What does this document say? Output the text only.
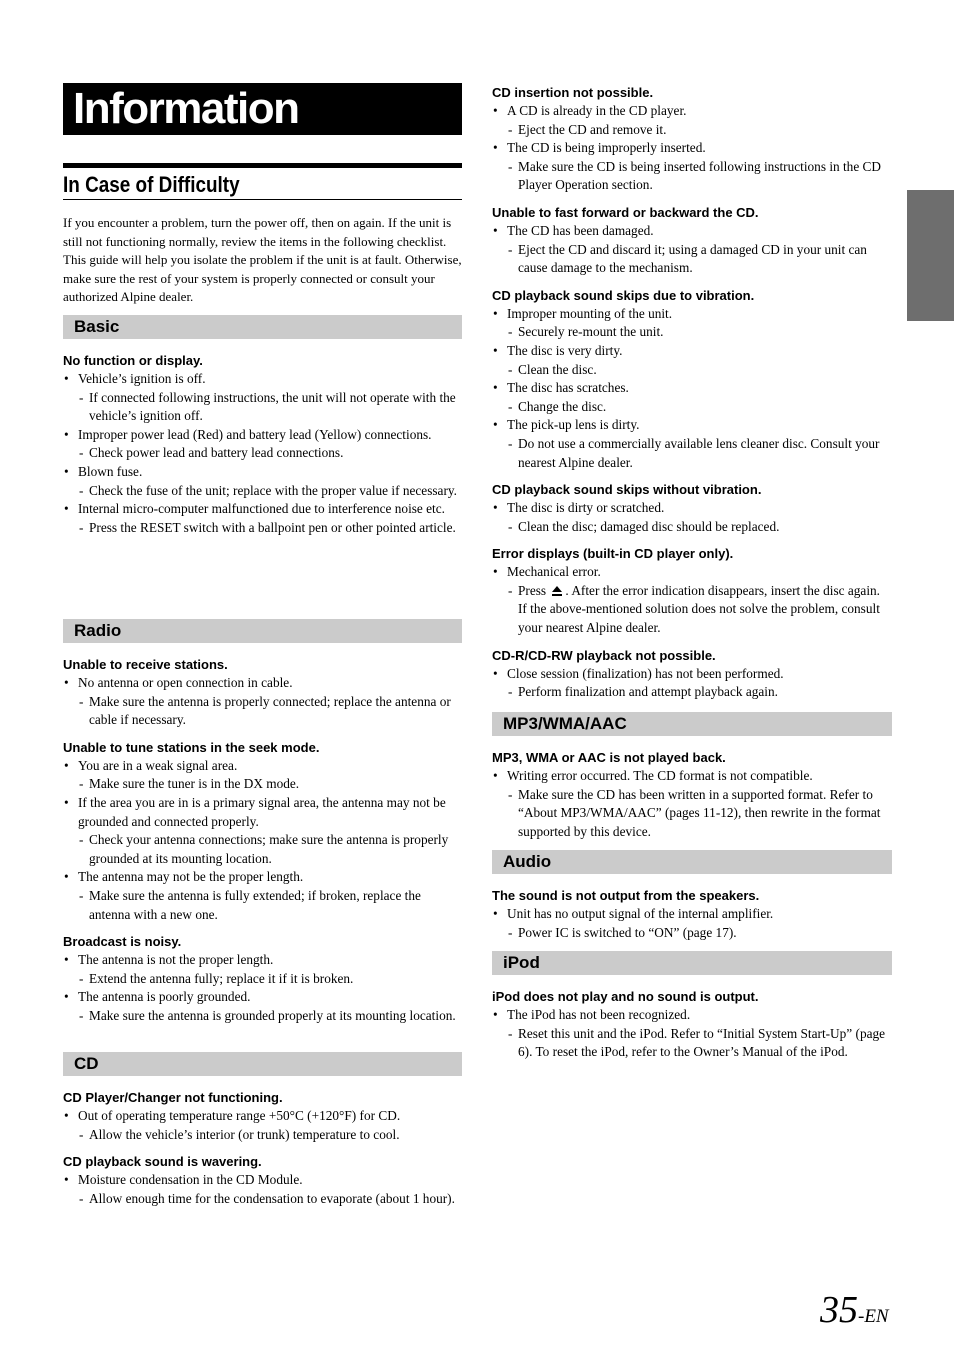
Information
In Case of Difficulty
If you encounter a problem, turn the power off, then on again. If the unit is still not functioning normally, review the items in the following checklist. This guide will help you isolate the problem if the unit is at fault. Otherwise, make sure the rest of your system is properly connected or consult your authorized Alpine dealer.
Basic
No function or display.
• Vehicle’s ignition is off.
- If connected following instructions, the unit will not operate with the vehicle’s ignition off.
• Improper power lead (Red) and battery lead (Yellow) connections.
- Check power lead and battery lead connections.
• Blown fuse.
- Check the fuse of the unit; replace with the proper value if necessary.
• Internal micro-computer malfunctioned due to interference noise etc.
- Press the RESET switch with a ballpoint pen or other pointed article.
Radio
Unable to receive stations.
• No antenna or open connection in cable.
- Make sure the antenna is properly connected; replace the antenna or cable if necessary.
Unable to tune stations in the seek mode.
• You are in a weak signal area.
- Make sure the tuner is in the DX mode.
• If the area you are in is a primary signal area, the antenna may not be grounded and connected properly.
- Check your antenna connections; make sure the antenna is properly grounded at its mounting location.
• The antenna may not be the proper length.
- Make sure the antenna is fully extended; if broken, replace the antenna with a new one.
Broadcast is noisy.
• The antenna is not the proper length.
- Extend the antenna fully; replace it if it is broken.
• The antenna is poorly grounded.
- Make sure the antenna is grounded properly at its mounting location.
CD
CD Player/Changer not functioning.
• Out of operating temperature range +50°C (+120°F) for CD.
- Allow the vehicle’s interior (or trunk) temperature to cool.
CD playback sound is wavering.
• Moisture condensation in the CD Module.
- Allow enough time for the condensation to evaporate (about 1 hour).
CD insertion not possible.
• A CD is already in the CD player.
- Eject the CD and remove it.
• The CD is being improperly inserted.
- Make sure the CD is being inserted following instructions in the CD Player Operation section.
Unable to fast forward or backward the CD.
• The CD has been damaged.
- Eject the CD and discard it; using a damaged CD in your unit can cause damage to the mechanism.
CD playback sound skips due to vibration.
• Improper mounting of the unit.
- Securely re-mount the unit.
• The disc is very dirty.
- Clean the disc.
• The disc has scratches.
- Change the disc.
• The pick-up lens is dirty.
- Do not use a commercially available lens cleaner disc. Consult your nearest Alpine dealer.
CD playback sound skips without vibration.
• The disc is dirty or scratched.
- Clean the disc; damaged disc should be replaced.
Error displays (built-in CD player only).
• Mechanical error.
- Press . After the error indication disappears, insert the disc again. If the above-mentioned solution does not solve the problem, consult your nearest Alpine dealer.
CD-R/CD-RW playback not possible.
• Close session (finalization) has not been performed.
- Perform finalization and attempt playback again.
MP3/WMA/AAC
MP3, WMA or AAC is not played back.
• Writing error occurred. The CD format is not compatible.
- Make sure the CD has been written in a supported format. Refer to “About MP3/WMA/AAC” (pages 11-12), then rewrite in the format supported by this device.
Audio
The sound is not output from the speakers.
• Unit has no output signal of the internal amplifier.
- Power IC is switched to “ON” (page 17).
iPod
iPod does not play and no sound is output.
• The iPod has not been recognized.
- Reset this unit and the iPod. Refer to “Initial System Start-Up” (page 6). To reset the iPod, refer to the Owner’s Manual of the iPod.
35-EN
